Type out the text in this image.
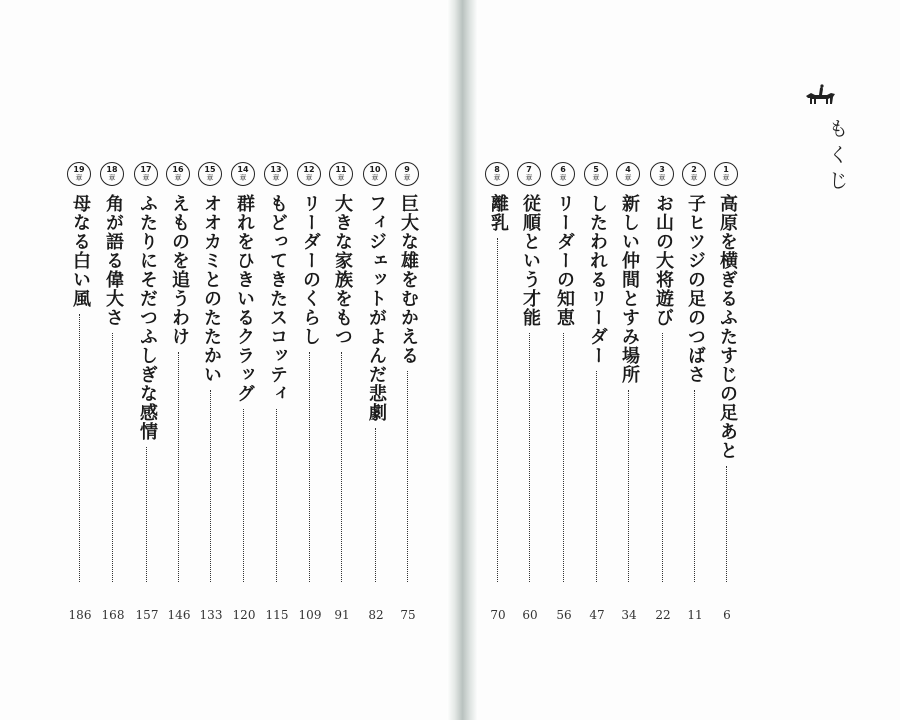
もくじ
1
章
高原を横ぎるふたすじの足あと
6
2
章
子ヒツジの足のつばさ
11
3
章
お山の大将遊び
22
4
章
新しい仲間とすみ場所
34
5
章
したわれるリーダー
47
6
章
リーダーの知恵
56
7
章
従順という才能
60
8
章
離乳
70
9
章
巨大な雄をむかえる
75
10
章
フィジェットがよんだ悲劇
82
11
章
大きな家族をもつ
91
12
章
リーダーのくらし
109
13
章
もどってきたスコッティ
115
14
章
群れをひきいるクラッグ
120
15
章
オオカミとのたたかい
133
16
章
えものを追うわけ
146
17
章
ふたりにそだつふしぎな感情
157
18
章
角が語る偉大さ
168
19
章
母なる白い風
186
